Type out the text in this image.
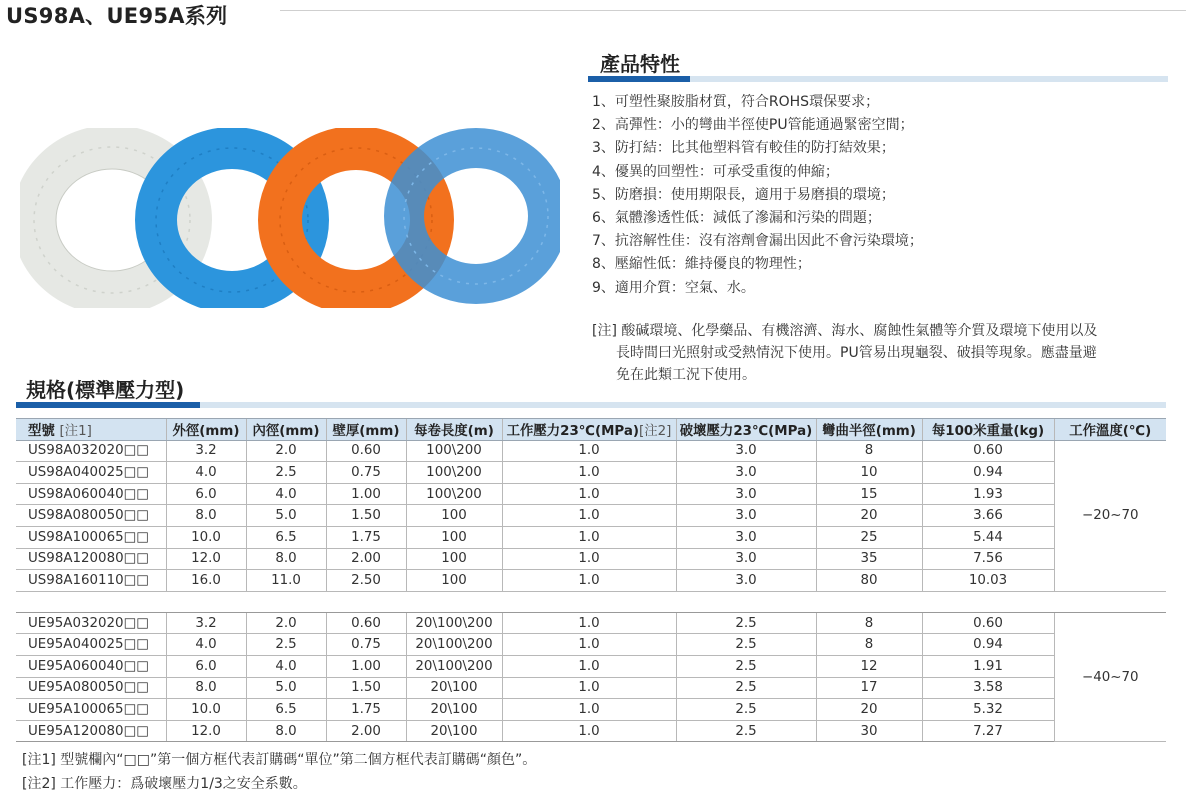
US98A、UE95A系列
產品特性
1、可塑性聚胺脂材質，符合ROHS環保要求；
2、高彈性：小的彎曲半徑使PU管能通過緊密空間；
3、防打結：比其他塑料管有較佳的防打結效果；
4、優異的回塑性：可承受重復的伸縮；
5、防磨損：使用期限長，適用于易磨損的環境；
6、氣體滲透性低：減低了滲漏和污染的問題；
7、抗溶解性佳：沒有溶劑會漏出因此不會污染環境；
8、壓縮性低：維持優良的物理性；
9、適用介質：空氣、水。
[注] 酸碱環境、化學藥品、有機溶濟、海水、腐蝕性氣體等介質及環境下使用以及
長時間曰光照射或受熱情況下使用。PU管易出現龜裂、破損等現象。應盡量避
免在此類工況下使用。
規格(標準壓力型)
型號 [注1]	外徑(mm)	內徑(mm)	壁厚(mm)	每卷長度(m)	工作壓力23℃(MPa)[注2]	破壞壓力23℃(MPa)	彎曲半徑(mm)	每100米重量(kg)	工作溫度(℃)
US98A032020□□	3.2	2.0	0.60	100\200	1.0	3.0	8	0.60	−20~70
US98A040025□□	4.0	2.5	0.75	100\200	1.0	3.0	10	0.94	
US98A060040□□	6.0	4.0	1.00	100\200	1.0	3.0	15	1.93	
US98A080050□□	8.0	5.0	1.50	100	1.0	3.0	20	3.66	
US98A100065□□	10.0	6.5	1.75	100	1.0	3.0	25	5.44	
US98A120080□□	12.0	8.0	2.00	100	1.0	3.0	35	7.56	
US98A160110□□	16.0	11.0	2.50	100	1.0	3.0	80	10.03	

UE95A032020□□	3.2	2.0	0.60	20\100\200	1.0	2.5	8	0.60	−40~70
UE95A040025□□	4.0	2.5	0.75	20\100\200	1.0	2.5	8	0.94	
UE95A060040□□	6.0	4.0	1.00	20\100\200	1.0	2.5	12	1.91	
UE95A080050□□	8.0	5.0	1.50	20\100	1.0	2.5	17	3.58	
UE95A100065□□	10.0	6.5	1.75	20\100	1.0	2.5	20	5.32	
UE95A120080□□	12.0	8.0	2.00	20\100	1.0	2.5	30	7.27	
[注1] 型號欄內“□□”第一個方框代表訂購碼“單位”第二個方框代表訂購碼“顏色”。
[注2] 工作壓力：爲破壞壓力1/3之安全系數。
